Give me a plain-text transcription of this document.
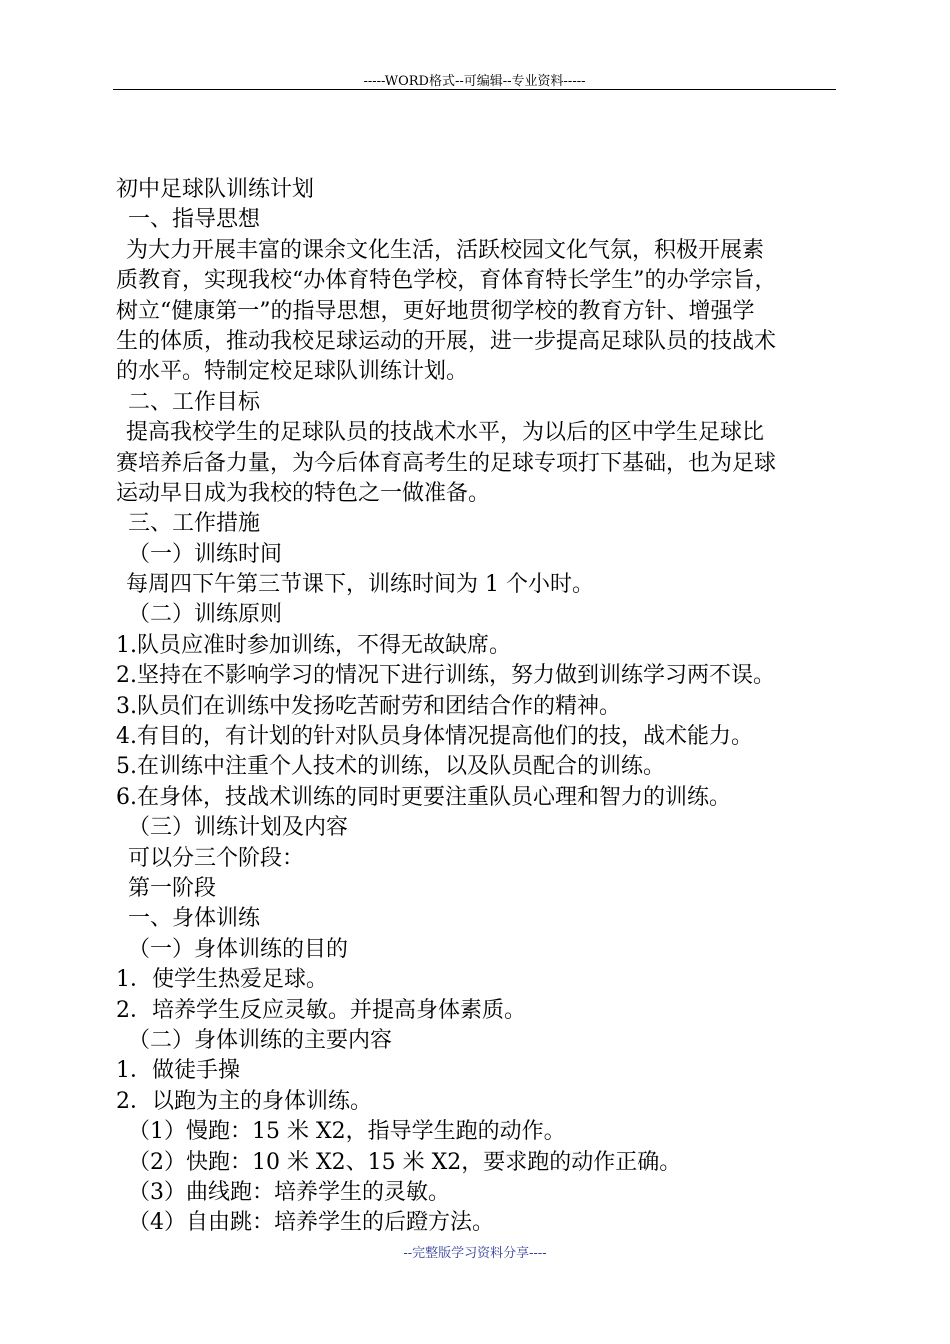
-----WORD格式--可编辑--专业资料-----
初中足球队训练计划
一、指导思想
为大力开展丰富的课余文化生活，活跃校园文化气氛，积极开展素
质教育，实现我校“办体育特色学校，育体育特长学生”的办学宗旨，
树立“健康第一”的指导思想，更好地贯彻学校的教育方针、增强学
生的体质，推动我校足球运动的开展，进一步提高足球队员的技战术
的水平。特制定校足球队训练计划。
二、工作目标
提高我校学生的足球队员的技战术水平，为以后的区中学生足球比
赛培养后备力量，为今后体育高考生的足球专项打下基础，也为足球
运动早日成为我校的特色之一做准备。
三、工作措施
（一）训练时间
每周四下午第三节课下，训练时间为 1 个小时。
（二）训练原则
1.队员应准时参加训练，不得无故缺席。
2.坚持在不影响学习的情况下进行训练，努力做到训练学习两不误。
3.队员们在训练中发扬吃苦耐劳和团结合作的精神。
4.有目的，有计划的针对队员身体情况提高他们的技，战术能力。
5.在训练中注重个人技术的训练，以及队员配合的训练。
6.在身体，技战术训练的同时更要注重队员心理和智力的训练。
（三）训练计划及内容
可以分三个阶段：
第一阶段
一、身体训练
（一）身体训练的目的
1．使学生热爱足球。
2．培养学生反应灵敏。并提高身体素质。
（二）身体训练的主要内容
1．做徒手操
2．以跑为主的身体训练。
（1）慢跑：15 米 X2，指导学生跑的动作。
（2）快跑：10 米 X2、15 米 X2，要求跑的动作正确。
（3）曲线跑：培养学生的灵敏。
（4）自由跳：培养学生的后蹬方法。
--完整版学习资料分享----
